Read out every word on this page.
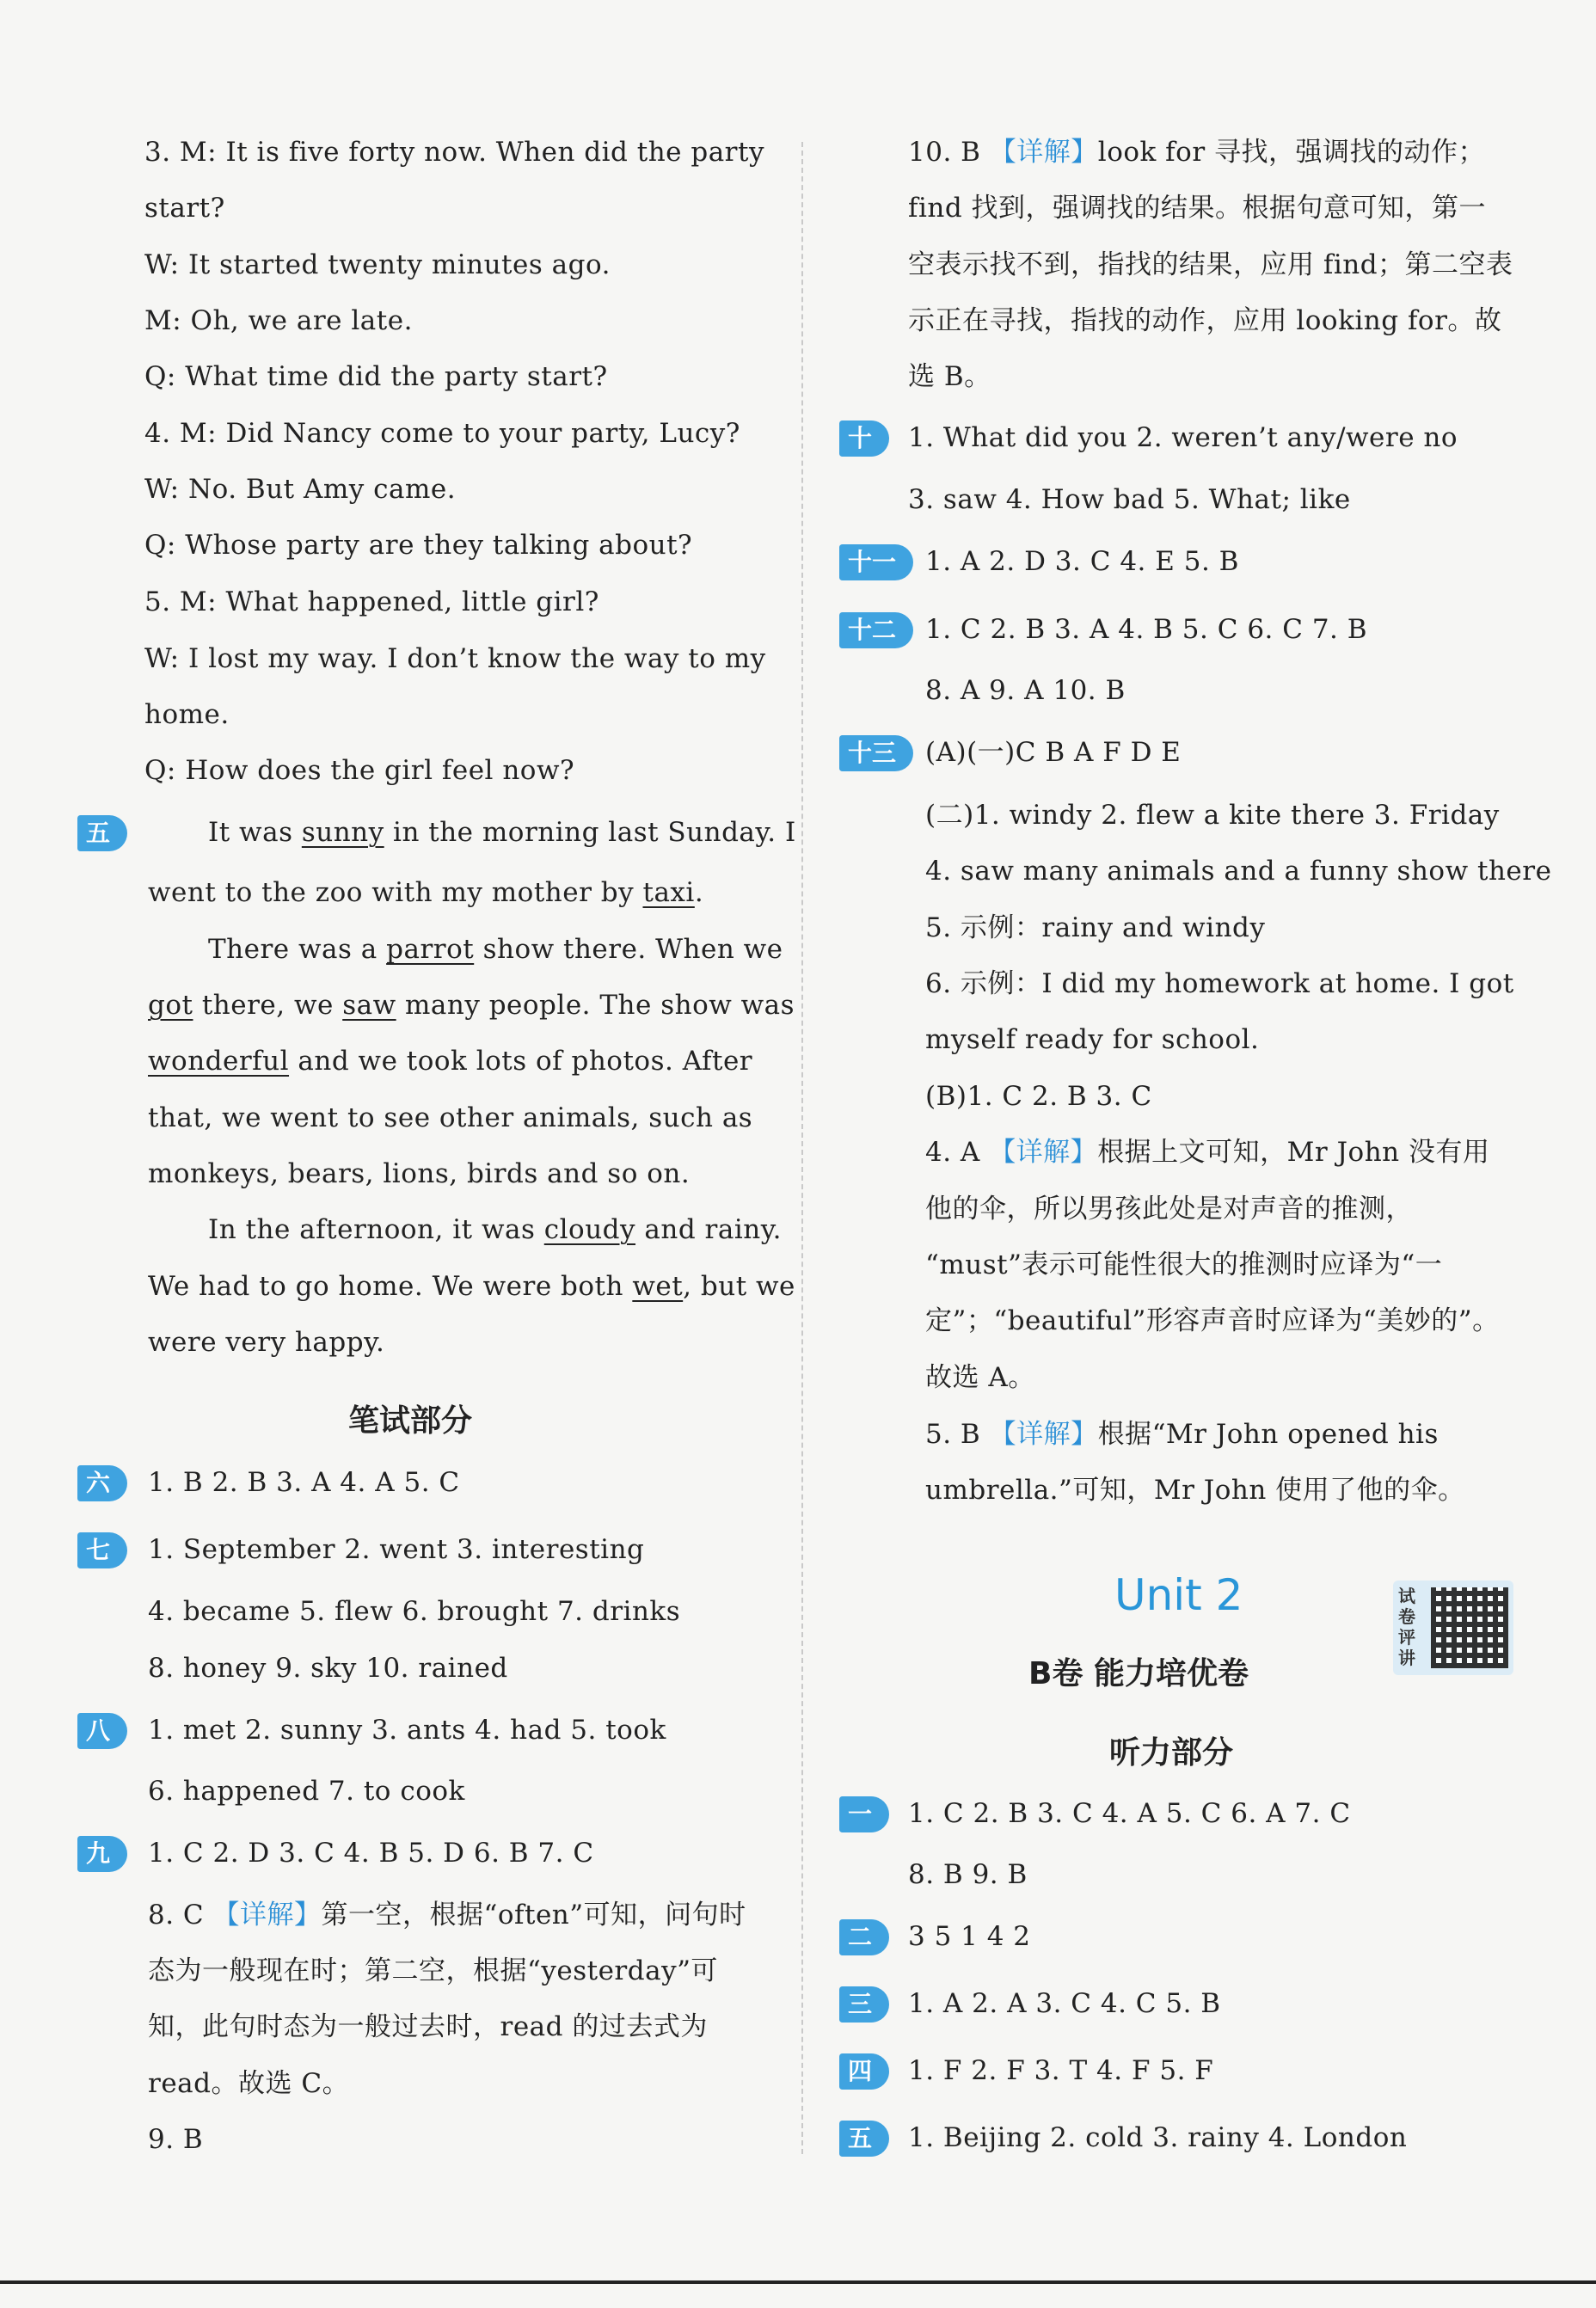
3. M: It is five forty now. When did the party
start?
W: It started twenty minutes ago.
M: Oh, we are late.
Q: What time did the party start?
4. M: Did Nancy come to your party, Lucy?
W: No. But Amy came.
Q: Whose party are they talking about?
5. M: What happened, little girl?
W: I lost my way. I don’t know the way to my
home.
Q: How does the girl feel now?
五	It was sunny in the morning last Sunday. I
went to the zoo with my mother by taxi.
There was a parrot show there. When we
got there, we saw many people. The show was
wonderful and we took lots of photos. After
that, we went to see other animals, such as
monkeys, bears, lions, birds and so on.
In the afternoon, it was cloudy and rainy.
We had to go home. We were both wet, but we
were very happy.
笔试部分
六	1. B 2. B 3. A 4. A 5. C
七	1. September 2. went 3. interesting
4. became 5. flew 6. brought 7. drinks
8. honey 9. sky 10. rained
八	1. met 2. sunny 3. ants 4. had 5. took
6. happened 7. to cook
九	1. C 2. D 3. C 4. B 5. D 6. B 7. C
8. C 【详解】第一空，根据“often”可知，问句时
态为一般现在时；第二空，根据“yesterday”可
知，此句时态为一般过去时，read 的过去式为
read。故选 C。
9. B
10. B 【详解】look for 寻找，强调找的动作；
find 找到，强调找的结果。根据句意可知，第一
空表示找不到，指找的结果，应用 find；第二空表
示正在寻找，指找的动作，应用 looking for。故
选 B。
十	1. What did you 2. weren’t any/were no
3. saw 4. How bad 5. What; like
十一	1. A 2. D 3. C 4. E 5. B
十二	1. C 2. B 3. A 4. B 5. C 6. C 7. B
8. A 9. A 10. B
十三	(A)(一)C B A F D E
(二)1. windy 2. flew a kite there 3. Friday
4. saw many animals and a funny show there
5. 示例：rainy and windy
6. 示例：I did my homework at home. I got
myself ready for school.
(B)1. C 2. B 3. C
4. A 【详解】根据上文可知，Mr John 没有用
他的伞，所以男孩此处是对声音的推测，
“must”表示可能性很大的推测时应译为“一
定”；“beautiful”形容声音时应译为“美妙的”。
故选 A。
5. B 【详解】根据“Mr John opened his
umbrella.”可知，Mr John 使用了他的伞。
Unit 2
B卷 能力培优卷
听力部分
一	1. C 2. B 3. C 4. A 5. C 6. A 7. C
8. B 9. B
二	3 5 1 4 2
三	1. A 2. A 3. C 4. C 5. B
四	1. F 2. F 3. T 4. F 5. F
五	1. Beijing 2. cold 3. rainy 4. London
试卷评讲
